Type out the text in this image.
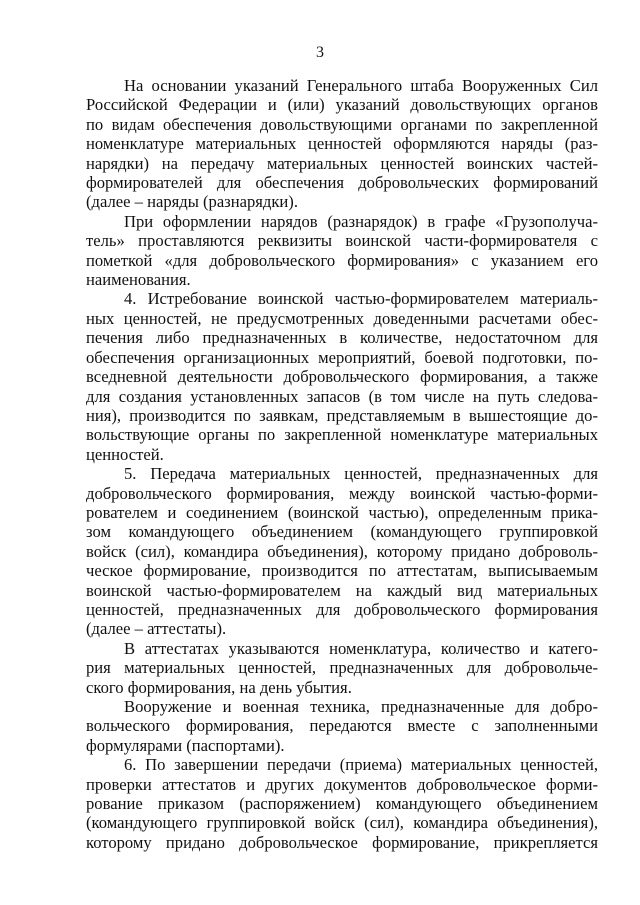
3
На основании указаний Генерального штаба Вооруженных Сил
Российской Федерации и (или) указаний довольствующих органов
по видам обеспечения довольствующими органами по закрепленной
номенклатуре материальных ценностей оформляются наряды (раз-
нарядки) на передачу материальных ценностей воинских частей-
формирователей для обеспечения добровольческих формирований
(далее – наряды (разнарядки).
При оформлении нарядов (разнарядок) в графе «Грузополуча-
тель» проставляются реквизиты воинской части-формирователя с
пометкой «для добровольческого формирования» с указанием его
наименования.
4. Истребование воинской частью-формирователем материаль-
ных ценностей, не предусмотренных доведенными расчетами обес-
печения либо предназначенных в количестве, недостаточном для
обеспечения организационных мероприятий, боевой подготовки, по-
вседневной деятельности добровольческого формирования, а также
для создания установленных запасов (в том числе на путь следова-
ния), производится по заявкам, представляемым в вышестоящие до-
вольствующие органы по закрепленной номенклатуре материальных
ценностей.
5. Передача материальных ценностей, предназначенных для
добровольческого формирования, между воинской частью-форми-
рователем и соединением (воинской частью), определенным прика-
зом командующего объединением (командующего группировкой
войск (сил), командира объединения), которому придано доброволь-
ческое формирование, производится по аттестатам, выписываемым
воинской частью-формирователем на каждый вид материальных
ценностей, предназначенных для добровольческого формирования
(далее – аттестаты).
В аттестатах указываются номенклатура, количество и катего-
рия материальных ценностей, предназначенных для добровольче-
ского формирования, на день убытия.
Вооружение и военная техника, предназначенные для добро-
вольческого формирования, передаются вместе с заполненными
формулярами (паспортами).
6. По завершении передачи (приема) материальных ценностей,
проверки аттестатов и других документов добровольческое форми-
рование приказом (распоряжением) командующего объединением
(командующего группировкой войск (сил), командира объединения),
которому придано добровольческое формирование, прикрепляется
